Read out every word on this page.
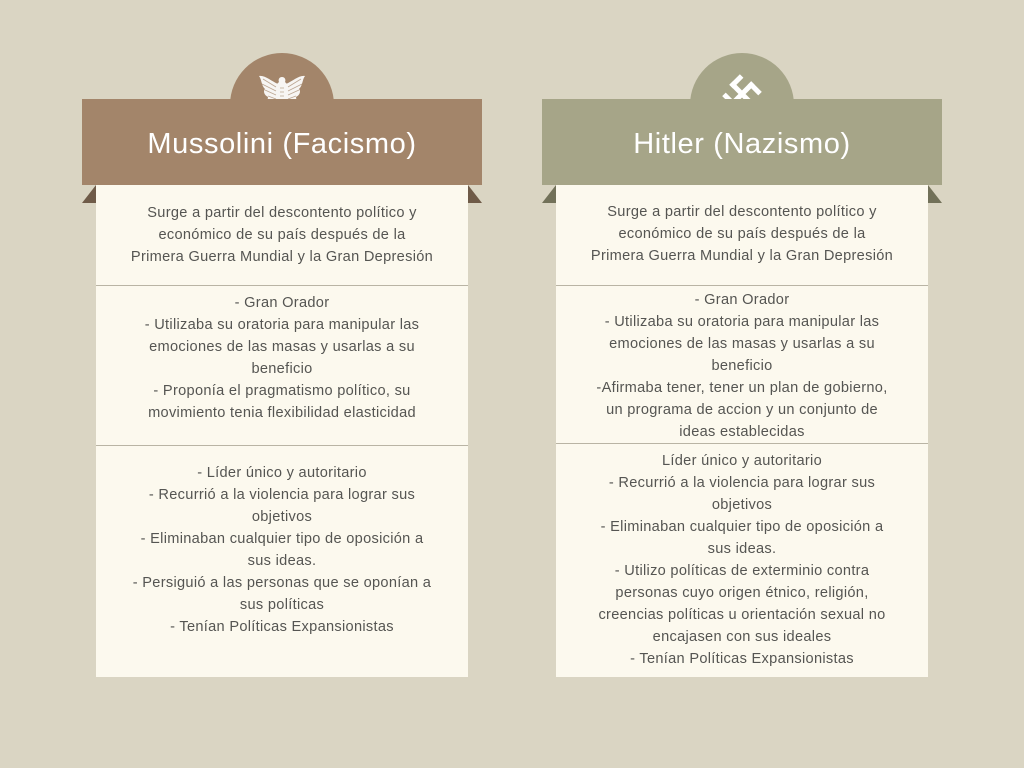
Mussolini (Facismo)

Surge a partir del descontento político y

económico de su país después de la

Primera Guerra Mundial y la Gran Depresión

- Gran Orador

- Utilizaba su oratoria para manipular las

emociones de las masas y usarlas a su

beneficio

- Proponía el pragmatismo político, su

movimiento tenia flexibilidad elasticidad

- Líder único y autoritario

- Recurrió a la violencia para lograr sus

objetivos

- Eliminaban cualquier tipo de oposición a

sus ideas.

- Persiguió a las personas que se oponían a

sus políticas

- Tenían Políticas Expansionistas

Hitler (Nazismo)

Surge a partir del descontento político y

económico de su país después de la

Primera Guerra Mundial y la Gran Depresión

- Gran Orador

- Utilizaba su oratoria para manipular las

emociones de las masas y usarlas a su

beneficio

-Afirmaba tener, tener un plan de gobierno,

un programa de accion y un conjunto de

ideas establecidas

Líder único y autoritario

- Recurrió a la violencia para lograr sus

objetivos

- Eliminaban cualquier tipo de oposición a

sus ideas.

- Utilizo políticas de exterminio contra

personas cuyo origen étnico, religión,

creencias políticas u orientación sexual no

encajasen con sus ideales

- Tenían Políticas Expansionistas
